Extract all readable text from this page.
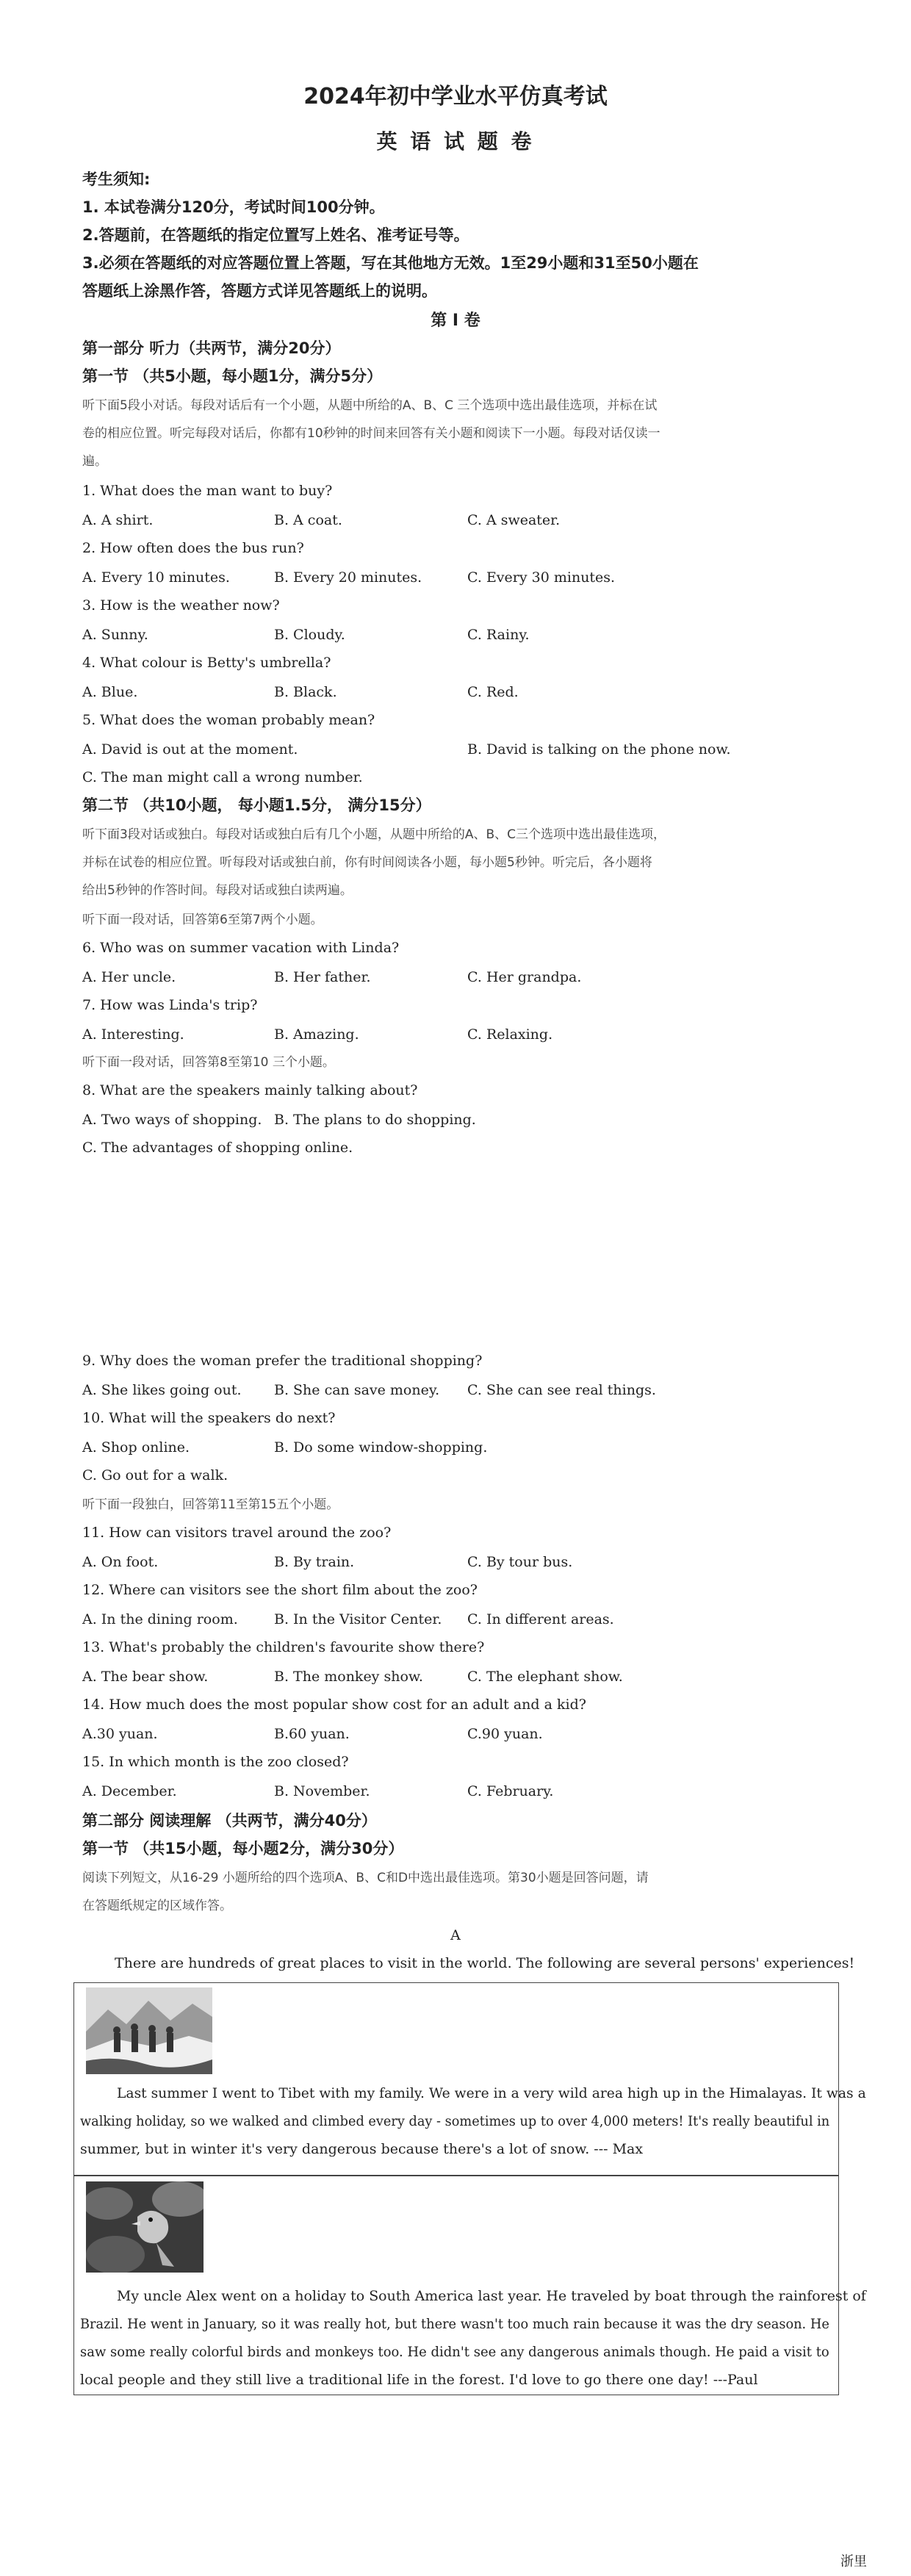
2024年初中学业水平仿真考试
英 语 试 题 卷
考生须知:
1. 本试卷满分120分，考试时间100分钟。
2.答题前，在答题纸的指定位置写上姓名、准考证号等。
3.必须在答题纸的对应答题位置上答题，写在其他地方无效。1至29小题和31至50小题在
答题纸上涂黑作答，答题方式详见答题纸上的说明。
第 I 卷
第一部分 听力（共两节，满分20分）
第一节 （共5小题，每小题1分，满分5分）
听下面5段小对话。每段对话后有一个小题，从题中所给的A、B、C 三个选项中选出最佳选项，并标在试
卷的相应位置。听完每段对话后，你都有10秒钟的时间来回答有关小题和阅读下一小题。每段对话仅读一
遍。
1. What does the man want to buy?
A. A shirt.	B. A coat.	C. A sweater.
2. How often does the bus run?
A. Every 10 minutes.	B. Every 20 minutes.	C. Every 30 minutes.
3. How is the weather now?
A. Sunny.	B. Cloudy.	C. Rainy.
4. What colour is Betty's umbrella?
A. Blue.	B. Black.	C. Red.
5. What does the woman probably mean?
A. David is out at the moment.	B. David is talking on the phone now.
C. The man might call a wrong number.
第二节 （共10小题， 每小题1.5分， 满分15分）
听下面3段对话或独白。每段对话或独白后有几个小题，从题中所给的A、B、C三个选项中选出最佳选项，
并标在试卷的相应位置。听每段对话或独白前，你有时间阅读各小题，每小题5秒钟。听完后，各小题将
给出5秒钟的作答时间。每段对话或独白读两遍。
听下面一段对话，回答第6至第7两个小题。
6. Who was on summer vacation with Linda?
A. Her uncle.	B. Her father.	C. Her grandpa.
7. How was Linda's trip?
A. Interesting.	B. Amazing.	C. Relaxing.
听下面一段对话，回答第8至第10 三个小题。
8. What are the speakers mainly talking about?
A. Two ways of shopping. B. The plans to do shopping.
C. The advantages of shopping online.
9. Why does the woman prefer the traditional shopping?
A. She likes going out. B. She can save money. C. She can see real things.
10. What will the speakers do next?
A. Shop online.	B. Do some window-shopping.
C. Go out for a walk.
听下面一段独白，回答第11至第15五个小题。
11. How can visitors travel around the zoo?
A. On foot.	B. By train.	C. By tour bus.
12. Where can visitors see the short film about the zoo?
A. In the dining room.	B. In the Visitor Center. C. In different areas.
13. What's probably the children's favourite show there?
A. The bear show.	B. The monkey show.	C. The elephant show.
14. How much does the most popular show cost for an adult and a kid?
A.30 yuan.	B.60 yuan.	C.90 yuan.
15. In which month is the zoo closed?
A. December.	B. November.	C. February.
第二部分 阅读理解 （共两节，满分40分）
第一节 （共15小题，每小题2分，满分30分）
阅读下列短文，从16-29 小题所给的四个选项A、B、C和D中选出最佳选项。第30小题是回答问题，请
在答题纸规定的区域作答。
A
There are hundreds of great places to visit in the world. The following are several persons' experiences!
Last summer I went to Tibet with my family. We were in a very wild area high up in the Himalayas. It was a
walking holiday, so we walked and climbed every day - sometimes up to over 4,000 meters! It's really beautiful in
summer, but in winter it's very dangerous because there's a lot of snow. --- Max
My uncle Alex went on a holiday to South America last year. He traveled by boat through the rainforest of
Brazil. He went in January, so it was really hot, but there wasn't too much rain because it was the dry season. He
saw some really colorful birds and monkeys too. He didn't see any dangerous animals though. He paid a visit to
local people and they still live a traditional life in the forest. I'd love to go there one day! ---Paul
浙里
